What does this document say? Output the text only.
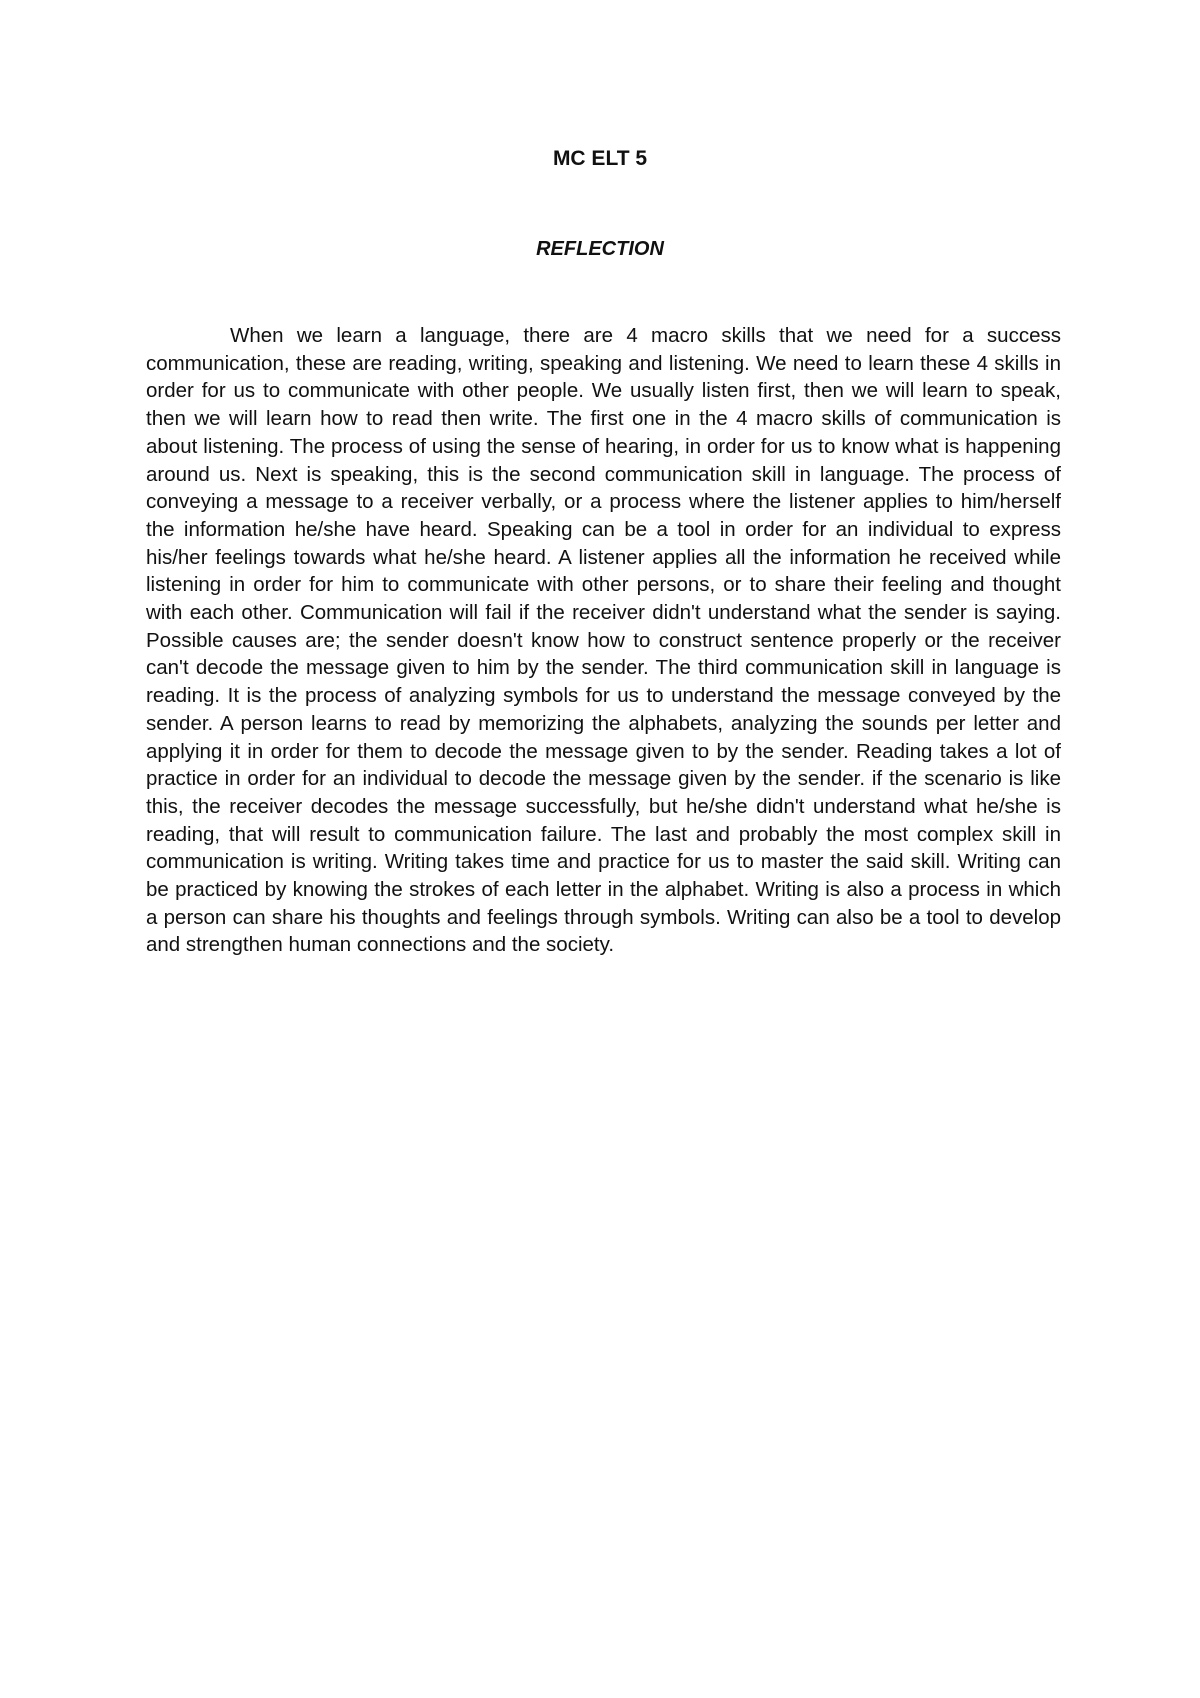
MC ELT 5
REFLECTION

When we learn a language, there are 4 macro skills that we need for a success communication, these are reading, writing, speaking and listening. We need to learn these 4 skills in order for us to communicate with other people. We usually listen first, then we will learn to speak, then we will learn how to read then write. The first one in the 4 macro skills of communication is about listening. The process of using the sense of hearing, in order for us to know what is happening around us. Next is speaking, this is the second communication skill in language. The process of conveying a message to a receiver verbally, or a process where the listener applies to him/herself the information he/she have heard. Speaking can be a tool in order for an individual to express his/her feelings towards what he/she heard. A listener applies all the information he received while listening in order for him to communicate with other persons, or to share their feeling and thought with each other. Communication will fail if the receiver didn't understand what the sender is saying. Possible causes are; the sender doesn't know how to construct sentence properly or the receiver can't decode the message given to him by the sender. The third communication skill in language is reading. It is the process of analyzing symbols for us to understand the message conveyed by the sender. A person learns to read by memorizing the alphabets, analyzing the sounds per letter and applying it in order for them to decode the message given to by the sender. Reading takes a lot of practice in order for an individual to decode the message given by the sender. if the scenario is like this, the receiver decodes the message successfully, but he/she didn't understand what he/she is reading, that will result to communication failure. The last and probably the most complex skill in communication is writing. Writing takes time and practice for us to master the said skill. Writing can be practiced by knowing the strokes of each letter in the alphabet. Writing is also a process in which a person can share his thoughts and feelings through symbols. Writing can also be a tool to develop and strengthen human connections and the society.
